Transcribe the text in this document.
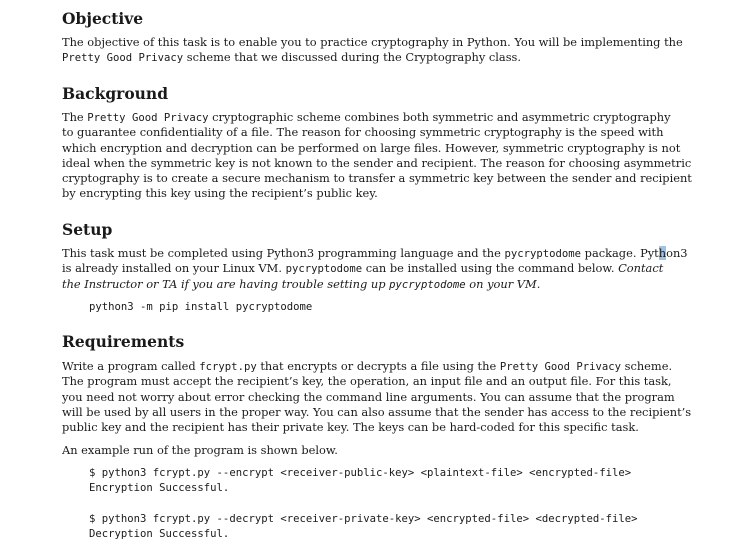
Objective
The objective of this task is to enable you to practice cryptography in Python. You will be implementing the
Pretty Good Privacy scheme that we discussed during the Cryptography class.
Background
The Pretty Good Privacy cryptographic scheme combines both symmetric and asymmetric cryptography
to guarantee confidentiality of a file. The reason for choosing symmetric cryptography is the speed with
which encryption and decryption can be performed on large files. However, symmetric cryptography is not
ideal when the symmetric key is not known to the sender and recipient. The reason for choosing asymmetric
cryptography is to create a secure mechanism to transfer a symmetric key between the sender and recipient
by encrypting this key using the recipient’s public key.
Setup
This task must be completed using Python3 programming language and the pycryptodome package. Python3
is already installed on your Linux VM. pycryptodome can be installed using the command below. Contact
the Instructor or TA if you are having trouble setting up pycryptodome on your VM.
python3 -m pip install pycryptodome
Requirements
Write a program called fcrypt.py that encrypts or decrypts a file using the Pretty Good Privacy scheme.
The program must accept the recipient’s key, the operation, an input file and an output file. For this task,
you need not worry about error checking the command line arguments. You can assume that the program
will be used by all users in the proper way. You can also assume that the sender has access to the recipient’s
public key and the recipient has their private key. The keys can be hard-coded for this specific task.
An example run of the program is shown below.
$ python3 fcrypt.py --encrypt <receiver-public-key> <plaintext-file> <encrypted-file>
Encryption Successful.
$ python3 fcrypt.py --decrypt <receiver-private-key> <encrypted-file> <decrypted-file>
Decryption Successful.
